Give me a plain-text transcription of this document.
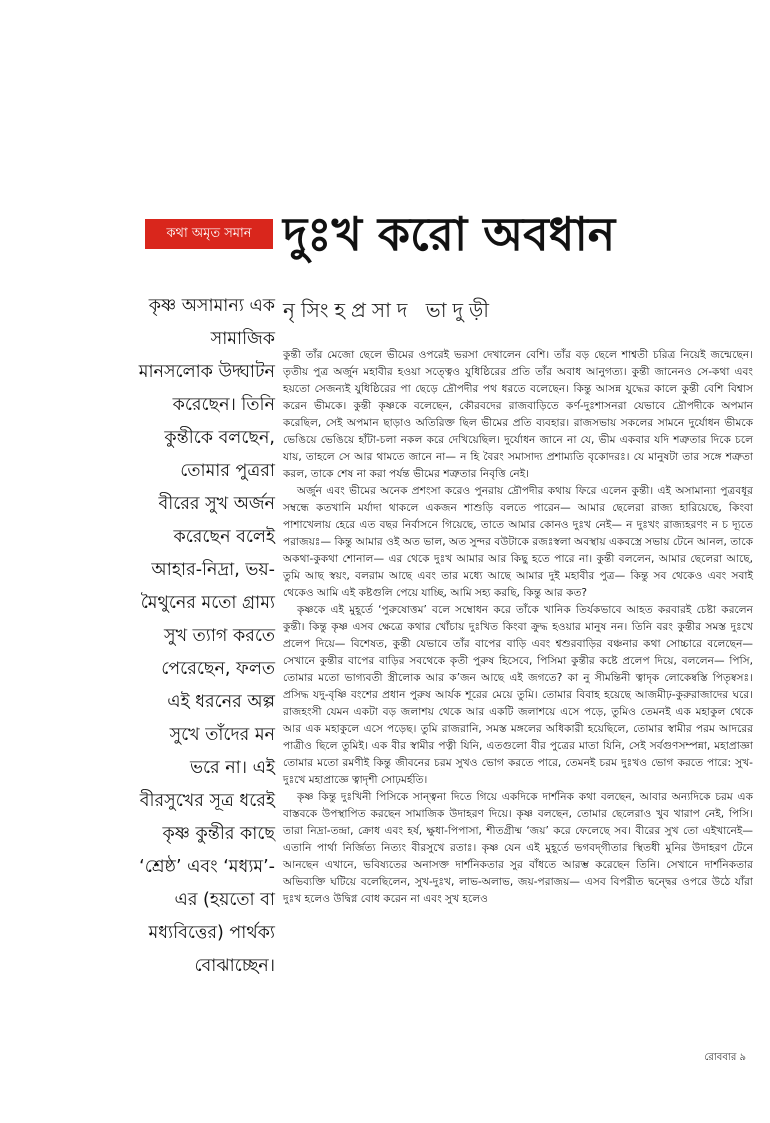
কথা অমৃত সমান দুঃখ করো অবধান
নৃসিংহপ্রসাদ ভাদুড়ী

কৃষ্ণ অসামান্য এক সামাজিক মানসলোক উদ্ঘাটন করেছেন। তিনি কুন্তীকে বলছেন, তোমার পুত্ররা বীরের সুখ অর্জন করেছেন বলেই আহার-নিদ্রা, ভয়-মৈথুনের মতো গ্রাম্য সুখ ত্যাগ করতে পেরেছেন, ফলত এই ধরনের অল্প সুখে তাঁদের মন ভরে না। এই বীরসুখের সূত্র ধরেই কৃষ্ণ কুন্তীর কাছে ‘শ্রেষ্ঠ’ এবং ‘মধ্যম’-এর (হয়তো বা মধ্যবিত্তের) পার্থক্য বোঝাচ্ছেন।

কুন্তী তাঁর মেজো ছেলে ভীমের ওপরেই ভরসা দেখালেন বেশি। তাঁর বড় ছেলে শাশ্বতী চরিত্র নিয়েই জন্মেছেন। তৃতীয় পুত্র অর্জুন মহাবীর হওয়া সত্ত্বেও যুধিষ্ঠিরের প্রতি তাঁর অবাধ আনুগত্য। কুন্তী জানেনও সে-কথা এবং হয়তো সেজন্যই যুধিষ্ঠিরের পা ছেড়ে দ্রৌপদীর পথ ধরতে বলেছেন। কিন্তু আসন্ন যুদ্ধের কালে কুন্তী বেশি বিশ্বাস করেন ভীমকে। কুন্তী কৃষ্ণকে বলেছেন, কৌরবদের রাজবাড়িতে কর্ণ-দুঃশাসনরা যেভাবে দ্রৌপদীকে অপমান করেছিল, সেই অপমান ছাড়াও অতিরিক্ত ছিল ভীমের প্রতি ব্যবহার। রাজসভায় সকলের সামনে দুর্যোধন ভীমকে ভেঙিয়ে ভেঙিয়ে হাঁটা-চলা নকল করে দেখিয়েছিল। দুর্যোধন জানে না যে, ভীম একবার যদি শত্রুতার দিকে চলে যায়, তাহলে সে আর থামতে জানে না— ন হি বৈরং সমাসাদ্য প্রশাম্যতি বৃকোদরঃ। যে মানুষটা তার সঙ্গে শত্রুতা করল, তাকে শেষ না করা পর্যন্ত ভীমের শত্রুতার নিবৃত্তি নেই।

অর্জুন এবং ভীমের অনেক প্রশংসা করেও পুনরায় দ্রৌপদীর কথায় ফিরে এলেন কুন্তী। এই অসামান্যা পুত্রবধূর সম্বন্ধে কতখানি মর্যাদা থাকলে একজন শাশুড়ি বলতে পারেন— আমার ছেলেরা রাজ্য হারিয়েছে, কিংবা পাশাখেলায় হেরে এত বছর নির্বাসনে গিয়েছে, তাতে আমার কোনও দুঃখ নেই— ন দুঃখং রাজ্যহরণং ন চ দ্যূতে পরাজয়ঃ— কিন্তু আমার ওই অত ভাল, অত সুন্দর বউটাকে রজঃস্বলা অবস্থায় একবস্ত্রে সভায় টেনে আনল, তাকে অকথা-কুকথা শোনাল— এর থেকে দুঃখ আমার আর কিছু হতে পারে না। কুন্তী বললেন, আমার ছেলেরা আছে, তুমি আছ স্বয়ং, বলরাম আছে এবং তার মধ্যে আছে আমার দুই মহাবীর পুত্র— কিন্তু সব থেকেও এবং সবাই থেকেও আমি এই কষ্টগুলি পেয়ে যাচ্ছি, আমি সহ্য করছি, কিন্তু আর কত?

কৃষ্ণকে এই মুহূর্তে ‘পুরুষোত্তম’ বলে সম্বোধন করে তাঁকে খানিক তির্যকভাবে আহত করবারই চেষ্টা করলেন কুন্তী। কিন্তু কৃষ্ণ এসব ক্ষেত্রে কথার খোঁচায় দুঃখিত কিংবা ক্রুদ্ধ হওয়ার মানুষ নন। তিনি বরং কুন্তীর সমস্ত দুঃখে প্রলেপ দিয়ে— বিশেষত, কুন্তী যেভাবে তাঁর বাপের বাড়ি এবং শ্বশুরবাড়ির বঞ্চনার কথা সোচ্চারে বলেছেন— সেখানে কুন্তীর বাপের বাড়ির সবথেকে কৃতী পুরুষ হিসেবে, পিসিমা কুন্তীর কষ্টে প্রলেপ দিয়ে, বললেন— পিসি, তোমার মতো ভাগ্যবতী স্ত্রীলোক আর ক’জন আছে এই জগতে? কা নু সীমন্তিনী ত্বাদৃক লোকেষ্বস্তি পিতৃষ্বসঃ। প্রসিদ্ধ যদু-বৃষ্ণি বংশের প্রধান পুরুষ আর্যক শূরের মেয়ে তুমি। তোমার বিবাহ হয়েছে আজমীঢ়-কুরুরাজাদের ঘরে। রাজহংসী যেমন একটা বড় জলাশয় থেকে আর একটি জলাশয়ে এসে পড়ে, তুমিও তেমনই এক মহাকুল থেকে আর এক মহাকুলে এসে পড়েছ। তুমি রাজরানি, সমস্ত মঙ্গলের অধিকারী হয়েছিলে, তোমার স্বামীর পরম আদরের পাত্রীও ছিলে তুমিই। এক বীর স্বামীর পত্নী যিনি, এতগুলো বীর পুত্রের মাতা যিনি, সেই সর্বগুণসম্পন্না, মহাপ্রাজ্ঞা তোমার মতো রমণীই কিন্তু জীবনের চরম সুখও ভোগ করতে পারে, তেমনই চরম দুঃখও ভোগ করতে পারে: সুখ-দুঃখে মহাপ্রাজ্ঞে ত্বাদৃশী সোঢ়মর্হতি।

কৃষ্ণ কিন্তু দুঃখিনী পিসিকে সান্ত্বনা দিতে গিয়ে একদিকে দার্শনিক কথা বলছেন, আবার অন্যদিকে চরম এক বাস্তবকে উপস্থাপিত করছেন সামাজিক উদাহরণ দিয়ে। কৃষ্ণ বলছেন, তোমার ছেলেরাও খুব খারাপ নেই, পিসি। তারা নিদ্রা-তন্দ্রা, ক্রোধ এবং হর্ষ, ক্ষুধা-পিপাসা, শীতগ্রীষ্ম ‘জয়’ করে ফেলেছে সব। বীরের সুখ তো এইখানেই— এতানি পার্থা নির্জিত্য নিত্যং বীরসুখে রতাঃ। কৃষ্ণ যেন এই মুহূর্তে ভগবদ্‌গীতার স্থিতধী মুনির উদাহরণ টেনে আনছেন এখানে, ভবিষ্যতের অনাসক্ত দার্শনিকতার সুর বাঁধতে আরম্ভ করেছেন তিনি। সেখানে দার্শনিকতার অভিব্যক্তি ঘটিয়ে বলেছিলেন, সুখ-দুঃখ, লাভ-অলাভ, জয়-পরাজয়— এসব বিপরীত দ্বন্দ্বের ওপরে উঠে যাঁরা দুঃখ হলেও উদ্বিগ্ন বোধ করেন না এবং সুখ হলেও

রোববার ৯
